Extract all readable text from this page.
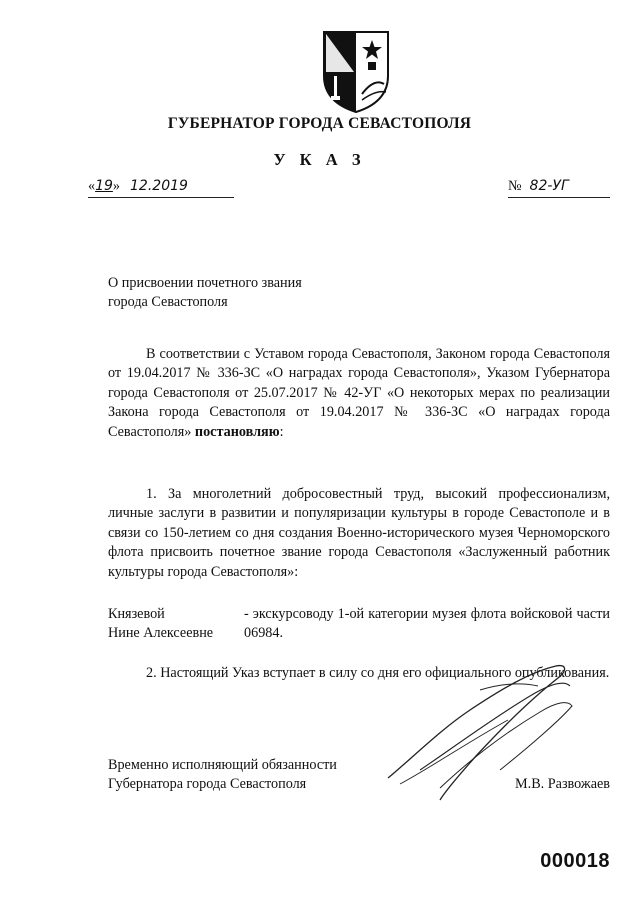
ГУБЕРНАТОР ГОРОДА СЕВАСТОПОЛЯ
У К А З
«19» 12.2019	№ 82-УГ
О присвоении почетного звания
города Севастополя

В соответствии с Уставом города Севастополя, Законом города Севастополя от 19.04.2017 № 336-ЗС «О наградах города Севастополя», Указом Губернатора города Севастополя от 25.07.2017 № 42-УГ «О некоторых мерах по реализации Закона города Севастополя от 19.04.2017 № 336-ЗС «О наградах города Севастополя» постановляю:

1. За многолетний добросовестный труд, высокий профессионализм, личные заслуги в развитии и популяризации культуры в городе Севастополе и в связи со 150-летием со дня создания Военно-исторического музея Черноморского флота присвоить почетное звание города Севастополя «Заслуженный работник культуры города Севастополя»:

Князевой
Нине Алексеевне
- экскурсоводу 1-ой категории музея флота войсковой части 06984.

2. Настоящий Указ вступает в силу со дня его официального опубликования.

Временно исполняющий обязанности
Губернатора города Севастополя	М.В. Развожаев
000018
